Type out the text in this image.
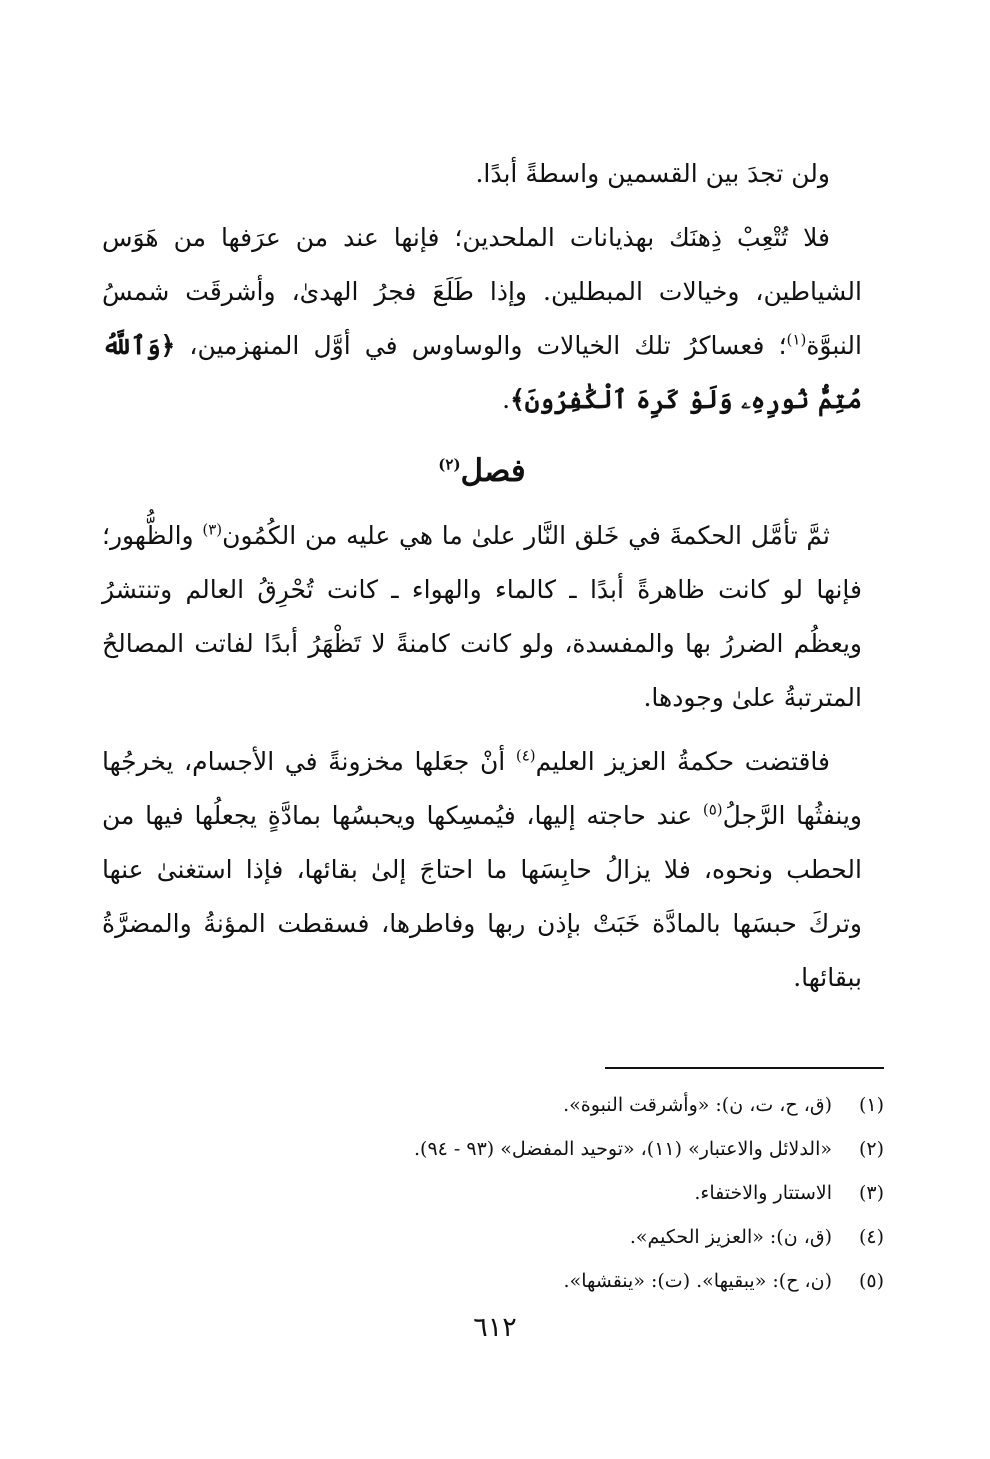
ولن تجدَ بين القسمين واسطةً أبدًا.

فلا تُتْعِبْ ذِهنَك بهذيانات الملحدين؛ فإنها عند من عرَفها من هَوَس الشياطين، وخيالات المبطلين. وإذا طَلَعَ فجرُ الهدىٰ، وأشرقَت شمسُ النبوَّة$^{(١)}$؛ فعساكرُ تلك الخيالات والوساوس في أوَّل المنهزمين، ﴿وَٱللَّهُ مُتِمُّ نُورِهِۦ وَلَوْ كَرِهَ ٱلْكَٰفِرُونَ﴾.

فصل$^{(٢)}$

ثمَّ تأمَّل الحكمةَ في خَلق النَّار علىٰ ما هي عليه من الكُمُون$^{(٣)}$ والظُّهور؛ فإنها لو كانت ظاهرةً أبدًا ـ كالماء والهواء ـ كانت تُحْرِقُ العالم وتنتشرُ ويعظُم الضررُ بها والمفسدة، ولو كانت كامنةً لا تَظْهَرُ أبدًا لفاتت المصالحُ المترتبةُ علىٰ وجودها.

فاقتضت حكمةُ العزيز العليم$^{(٤)}$ أنْ جعَلها مخزونةً في الأجسام، يخرجُها وينفثُها الرَّجلُ$^{(٥)}$ عند حاجته إليها، فيُمسِكها ويحبسُها بمادَّةٍ يجعلُها فيها من الحطب ونحوه، فلا يزالُ حابِسَها ما احتاجَ إلىٰ بقائها، فإذا استغنىٰ عنها وتركَ حبسَها بالمادَّة خَبَتْ بإذن ربها وفاطرها، فسقطت المؤنةُ والمضرَّةُ ببقائها.

(١)(ق، ح، ت، ن): «وأشرقت النبوة».
(٢)«الدلائل والاعتبار» (١١)، «توحيد المفضل» (٩٣ - ٩٤).
(٣)الاستتار والاختفاء.
(٤)(ق، ن): «العزيز الحكيم».
(٥)(ن، ح): «يبقيها». (ت): «ينقشها».
٦١٢
